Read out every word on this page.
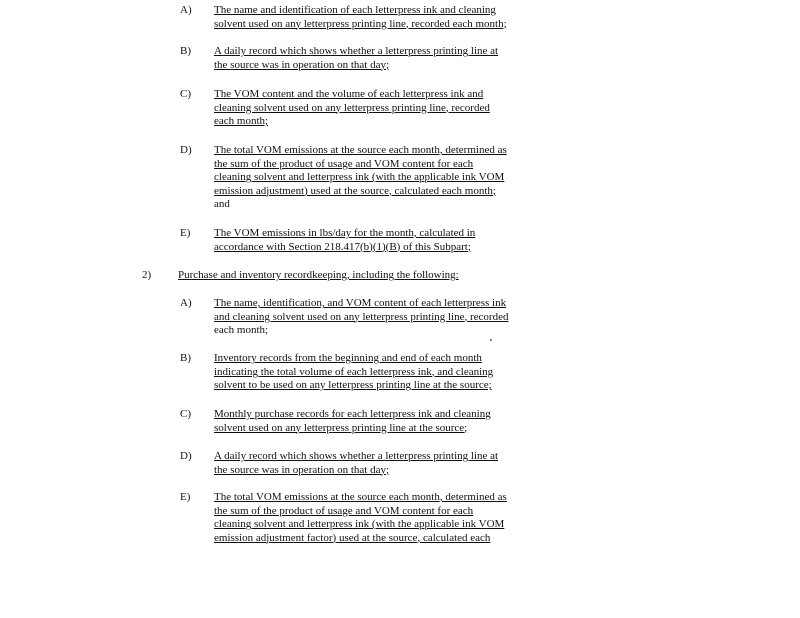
A) The name and identification of each letterpress ink and cleaning
solvent used on any letterpress printing line, recorded each month;
B) A daily record which shows whether a letterpress printing line at
the source was in operation on that day;
C) The VOM content and the volume of each letterpress ink and
cleaning solvent used on any letterpress printing line, recorded
each month;
D) The total VOM emissions at the source each month, determined as
the sum of the product of usage and VOM content for each
cleaning solvent and letterpress ink (with the applicable ink VOM
emission adjustment) used at the source, calculated each month;
and
E) The VOM emissions in lbs/day for the month, calculated in
accordance with Section 218.417(b)(1)(B) of this Subpart;
2) Purchase and inventory recordkeeping, including the following:
A) The name, identification, and VOM content of each letterpress ink
and cleaning solvent used on any letterpress printing line, recorded
each month;
B) Inventory records from the beginning and end of each month
indicating the total volume of each letterpress ink, and cleaning
solvent to be used on any letterpress printing line at the source;
C) Monthly purchase records for each letterpress ink and cleaning
solvent used on any letterpress printing line at the source;
D) A daily record which shows whether a letterpress printing line at
the source was in operation on that day;
E) The total VOM emissions at the source each month, determined as
the sum of the product of usage and VOM content for each
cleaning solvent and letterpress ink (with the applicable ink VOM
emission adjustment factor) used at the source, calculated each
